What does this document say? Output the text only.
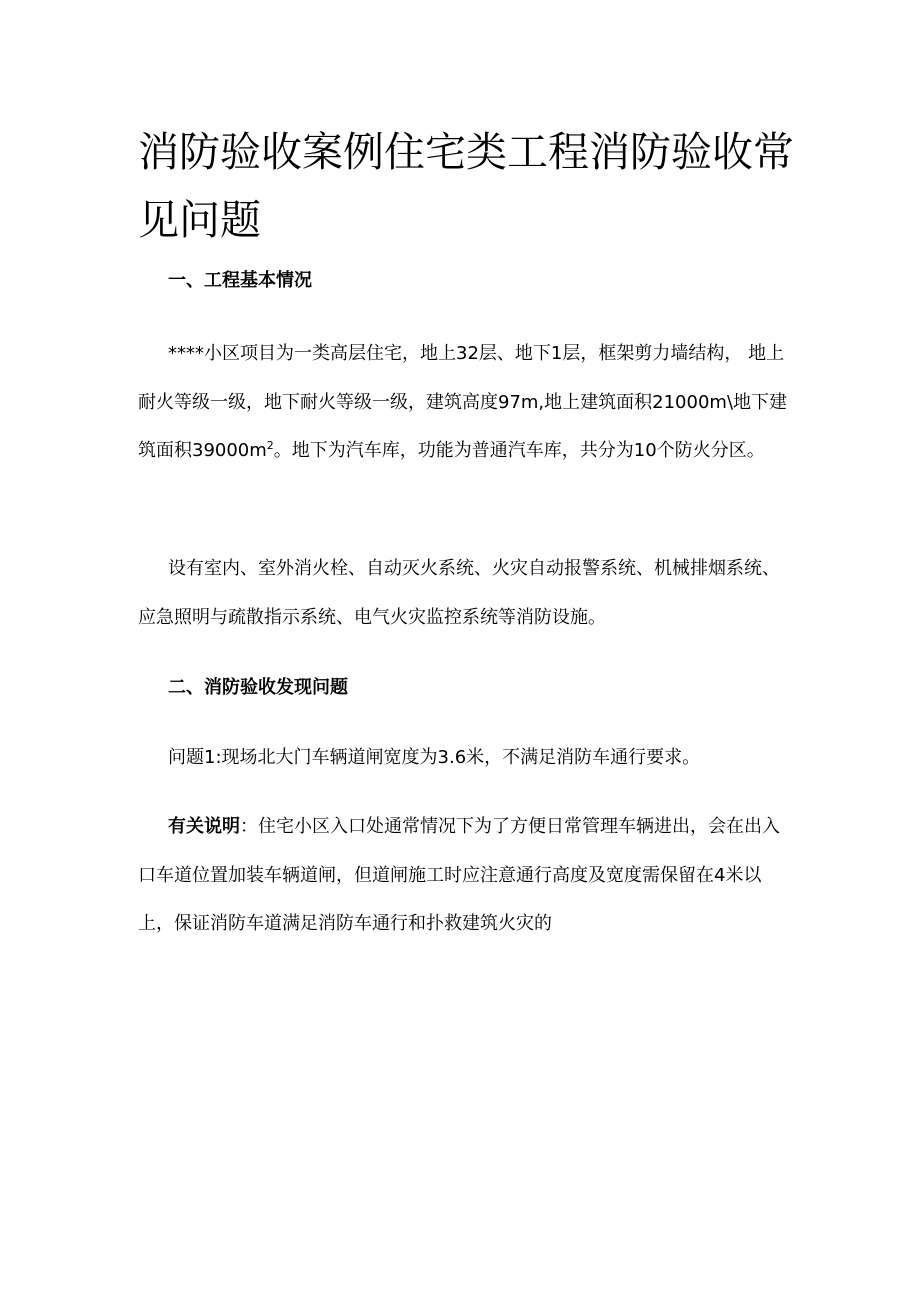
消防验收案例住宅类工程消防验收常见问题
一、工程基本情况

****小区项目为一类高层住宅，地上32层、地下1层，框架剪力墙结构， 地上耐火等级一级，地下耐火等级一级，建筑高度97m,地上建筑面积21000m\地下建筑面积$39000m^2$。地下为汽车库，功能为普通汽车库，共分为10个防火分区。

设有室内、室外消火栓、自动灭火系统、火灾自动报警系统、机械排烟系统、应急照明与疏散指示系统、电气火灾监控系统等消防设施。

二、消防验收发现问题

问题1:现场北大门车辆道闸宽度为3.6米，不满足消防车通行要求。

有关说明：住宅小区入口处通常情况下为了方便日常管理车辆进出，会在出入口车道位置加装车辆道闸，但道闸施工时应注意通行高度及宽度需保留在4米以上，保证消防车道满足消防车通行和扑救建筑火灾的
